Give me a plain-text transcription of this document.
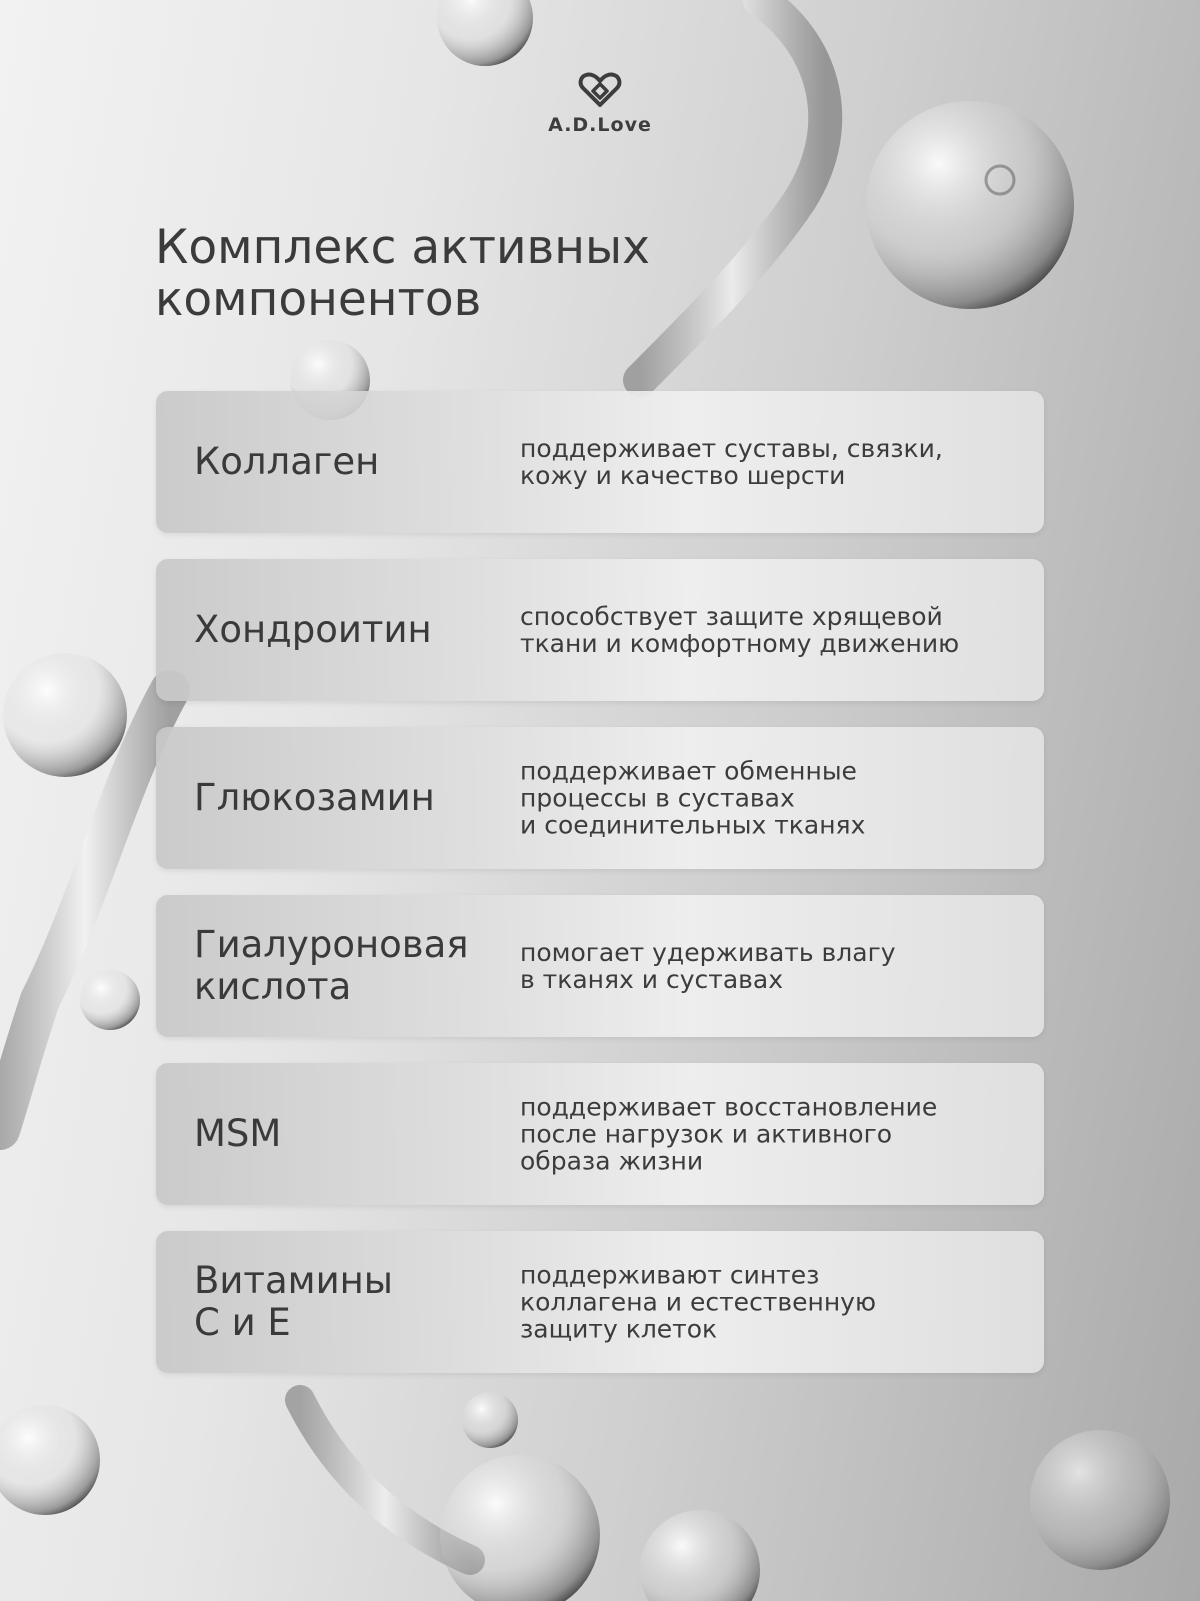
A.D.Love
Комплекс активных
компонентов
Коллаген	поддерживает суставы, связки,
кожу и качество шерсти
Хондроитин	способствует защите хрящевой
ткани и комфортному движению
Глюкозамин
поддерживает обменные
процессы в суставах
и соединительных тканях
Гиалуроновая
кислота
помогает удерживать влагу
в тканях и суставах
MSM
поддерживает восстановление
после нагрузок и активного
образа жизни
Витамины
С и Е
поддерживают синтез
коллагена и естественную
защиту клеток
